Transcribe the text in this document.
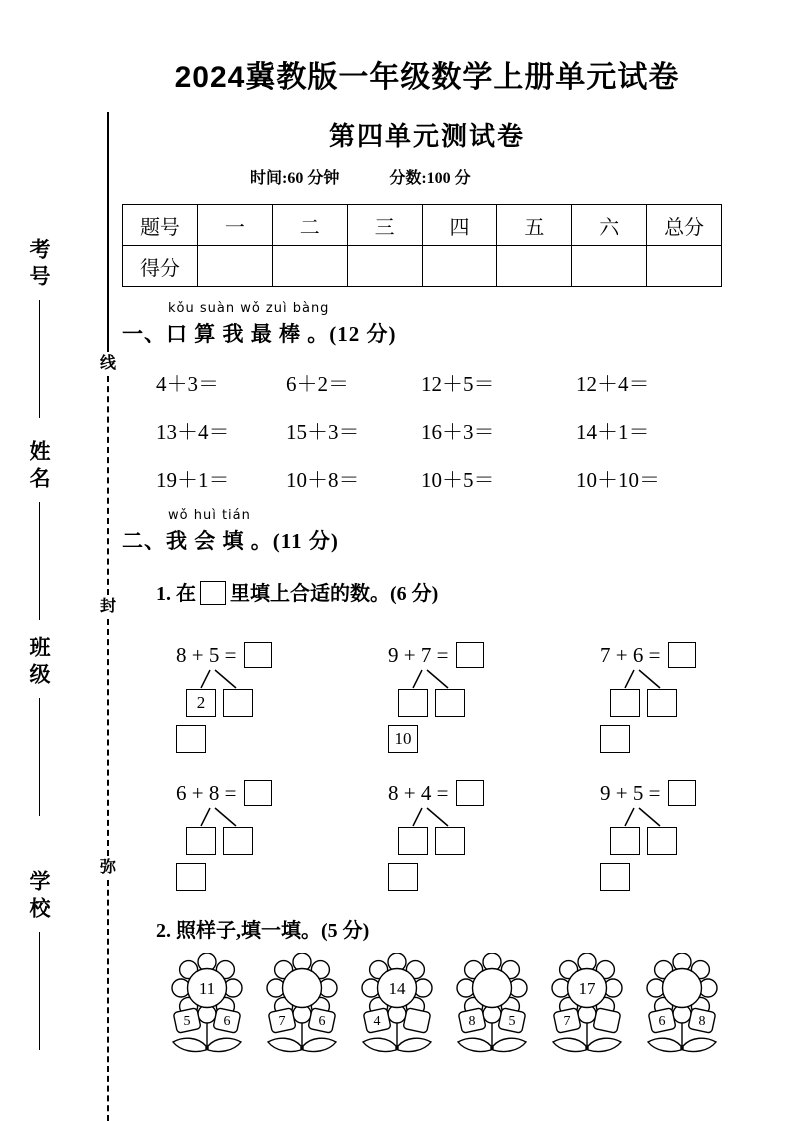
考号
姓名
班级
学校
线
封
弥
2024冀教版一年级数学上册单元试卷
第四单元测试卷
时间:60 分钟	分数:100 分
题号	一	二	三	四	五	六	总分
得分							
kǒu suàn wǒ zuì bàng
一、口 算 我 最 棒 。(12 分)
4＋3＝	6＋2＝	12＋5＝	12＋4＝
13＋4＝	15＋3＝	16＋3＝	14＋1＝
19＋1＝	10＋8＝	10＋5＝	10＋10＝
wǒ huì tián
二、我 会 填 。(11 分)
1. 在 里填上合适的数。(6 分)
8 + 5 =
2
9 + 7 =
10
7 + 6 =
6 + 8 =	8 + 4 =	9 + 5 =
2. 照样子,填一填。(5 分)
11
5 6	7 6
14
4	8 5
17
7	6 8
